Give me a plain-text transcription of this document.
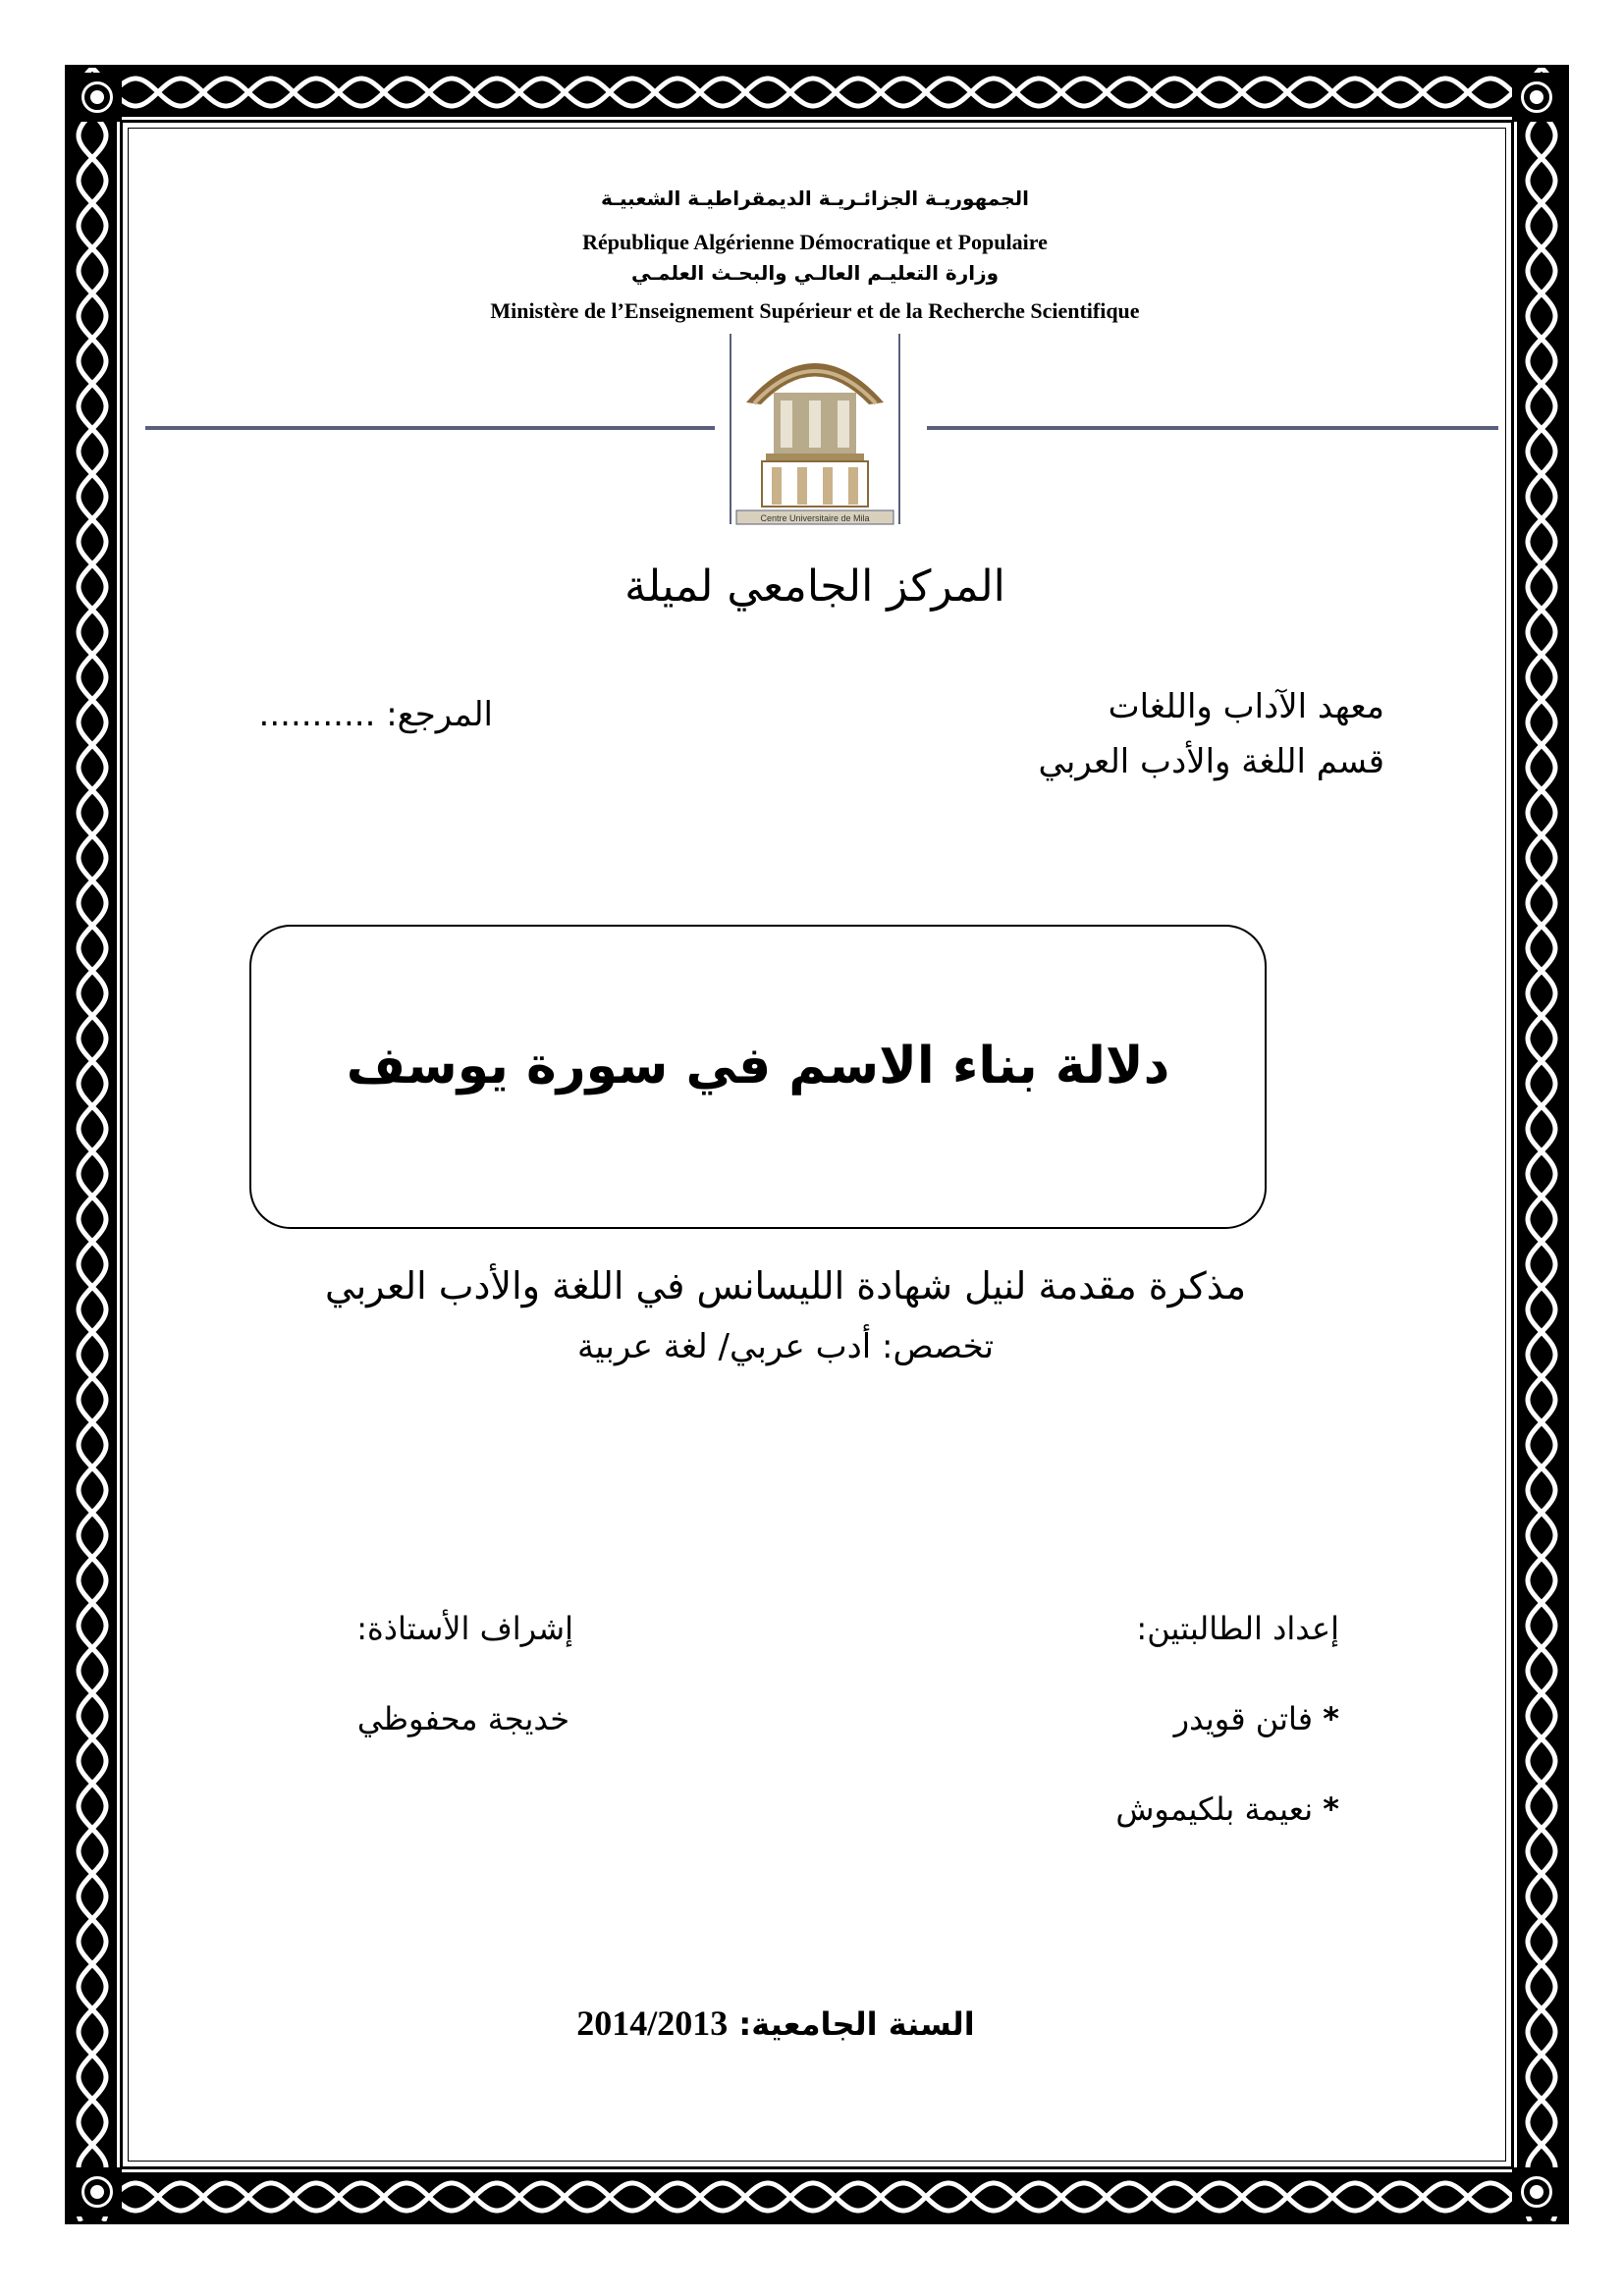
الجمهوريـة الجزائـريـة الديمقراطيـة الشعبيـة
République Algérienne Démocratique et Populaire
وزارة التعليـم العالـي والبحـث العلمـي
Ministère de l’Enseignement Supérieur et de la Recherche Scientifique
Centre Universitaire de Mila
المركز الجامعي لميلة
معهد الآداب واللغات
قسم اللغة والأدب العربي
المرجع: ...........
دلالة بناء الاسم في سورة يوسف
مذكرة مقدمة لنيل شهادة الليسانس في اللغة والأدب العربي
تخصص: أدب عربي/ لغة عربية
إعداد الطالبتين:
* فاتن قويدر
* نعيمة بلكيموش
إشراف الأستاذة:
خديجة محفوظي
السنة الجامعية: 2014/2013
